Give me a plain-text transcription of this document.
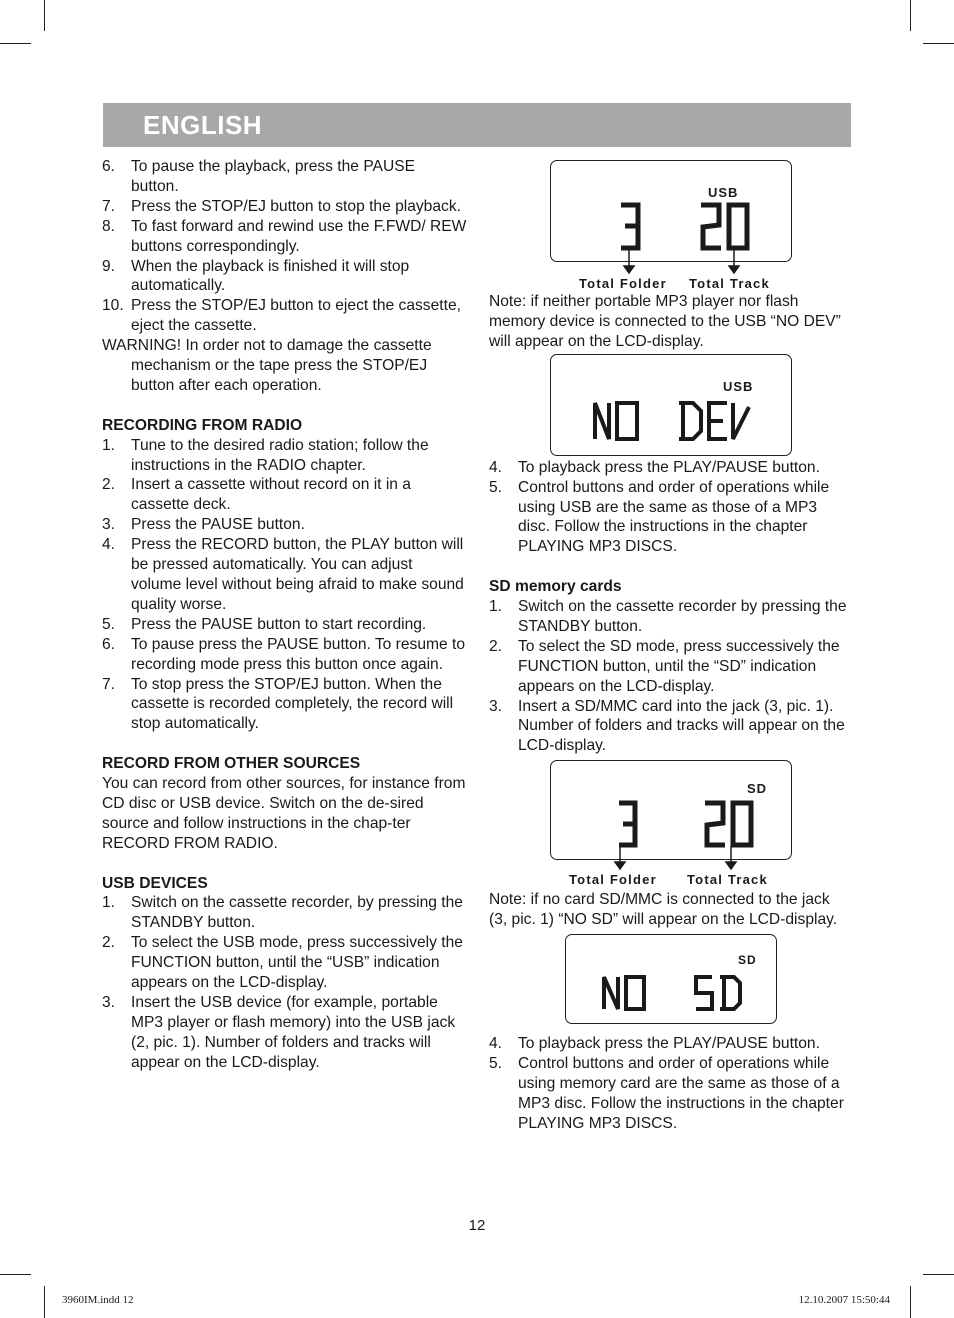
ENGLISH
6. To pause the playback, press the PAUSE button.
7. Press the STOP/EJ button to stop the playback.
8. To fast forward and rewind use the F.FWD/ REW buttons correspondingly.
9. When the playback is finished it will stop automatically.
10. Press the STOP/EJ button to eject the cassette, eject the cassette.
WARNING! In order not to damage the cassette mechanism or the tape press the STOP/EJ button after each operation.
RECORDING FROM RADIO
1. Tune to the desired radio station; follow the instructions in the RADIO chapter.
2. Insert a cassette without record on it in a cassette deck.
3. Press the PAUSE button.
4. Press the RECORD button, the PLAY button will be pressed automatically. You can adjust volume level without being afraid to make sound quality worse.
5. Press the PAUSE button to start recording.
6. To pause press the PAUSE button. To resume to recording mode press this button once again.
7. To stop press the STOP/EJ button. When the cassette is recorded completely, the record will stop automatically.
RECORD FROM OTHER SOURCES
You can record from other sources, for instance from CD disc or USB device. Switch on the de-sired source and follow instructions in the chap-ter RECORD FROM RADIO.
USB DEVICES
1. Switch on the cassette recorder, by pressing the STANDBY button.
2. To select the USB mode, press successively the FUNCTION button, until the “USB” indication appears on the LCD-display.
3. Insert the USB device (for example, portable MP3 player or flash memory) into the USB jack (2, pic. 1). Number of folders and tracks will appear on the LCD-display.
USB
Total Folder Total Track
Note: if neither portable MP3 player nor flash memory device is connected to the USB “NO DEV” will appear on the LCD-display.
USB
4. To playback press the PLAY/PAUSE button.
5. Control buttons and order of operations while using USB are the same as those of a MP3 disc. Follow the instructions in the chapter PLAYING MP3 DISCS.
SD memory cards
1. Switch on the cassette recorder by pressing the STANDBY button.
2. To select the SD mode, press successively the FUNCTION button, until the “SD” indication appears on the LCD-display.
3. Insert a SD/MMC card into the jack (3, pic. 1). Number of folders and tracks will appear on the LCD-display.
SD
Total Folder Total Track
Note: if no card SD/MMC is connected to the jack (3, pic. 1) “NO SD” will appear on the LCD-display.
SD
4. To playback press the PLAY/PAUSE button.
5. Control buttons and order of operations while using memory card are the same as those of a MP3 disc. Follow the instructions in the chapter PLAYING MP3 DISCS.
12
3960IM.indd 12	12.10.2007 15:50:44
